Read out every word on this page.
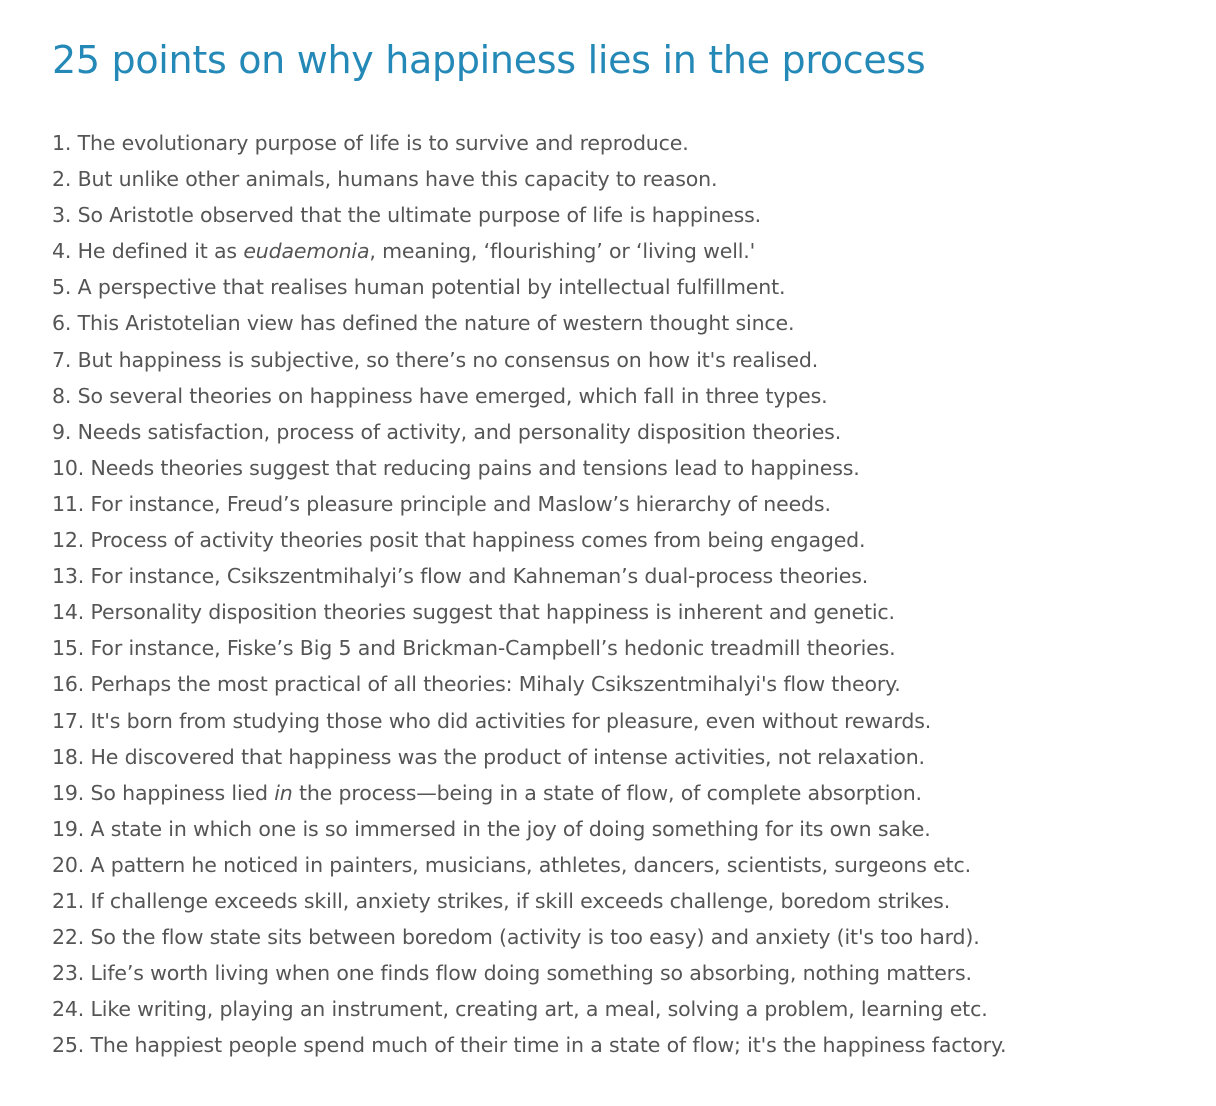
25 points on why happiness lies in the process
1. The evolutionary purpose of life is to survive and reproduce.
2. But unlike other animals, humans have this capacity to reason.
3. So Aristotle observed that the ultimate purpose of life is happiness.
4. He defined it as eudaemonia, meaning, ‘flourishing’ or ‘living well.'
5. A perspective that realises human potential by intellectual fulfillment.
6. This Aristotelian view has defined the nature of western thought since.
7. But happiness is subjective, so there’s no consensus on how it's realised.
8. So several theories on happiness have emerged, which fall in three types.
9. Needs satisfaction, process of activity, and personality disposition theories.
10. Needs theories suggest that reducing pains and tensions lead to happiness.
11. For instance, Freud’s pleasure principle and Maslow’s hierarchy of needs.
12. Process of activity theories posit that happiness comes from being engaged.
13. For instance, Csikszentmihalyi’s flow and Kahneman’s dual-process theories.
14. Personality disposition theories suggest that happiness is inherent and genetic.
15. For instance, Fiske’s Big 5 and Brickman-Campbell’s hedonic treadmill theories.
16. Perhaps the most practical of all theories: Mihaly Csikszentmihalyi's flow theory.
17. It's born from studying those who did activities for pleasure, even without rewards.
18. He discovered that happiness was the product of intense activities, not relaxation.
19. So happiness lied in the process—being in a state of flow, of complete absorption.
19. A state in which one is so immersed in the joy of doing something for its own sake.
20. A pattern he noticed in painters, musicians, athletes, dancers, scientists, surgeons etc.
21. If challenge exceeds skill, anxiety strikes, if skill exceeds challenge, boredom strikes.
22. So the flow state sits between boredom (activity is too easy) and anxiety (it's too hard).
23. Life’s worth living when one finds flow doing something so absorbing, nothing matters.
24. Like writing, playing an instrument, creating art, a meal, solving a problem, learning etc.
25. The happiest people spend much of their time in a state of flow; it's the happiness factory.
